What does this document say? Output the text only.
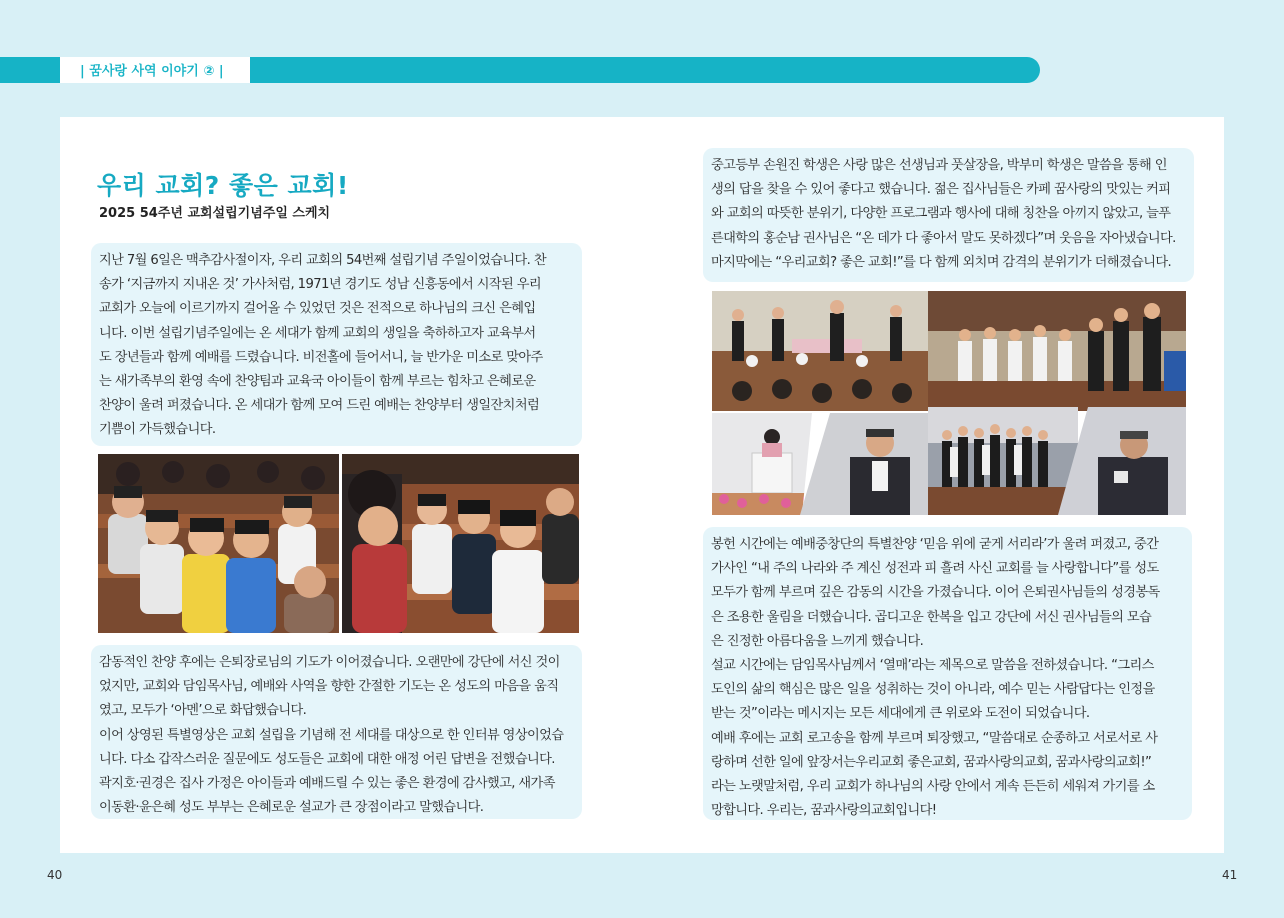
| 꿈사랑 사역 이야기 ② |
우리 교회? 좋은 교회!
2025 54주년 교회설립기념주일 스케치

지난 7월 6일은 맥추감사절이자, 우리 교회의 54번째 설립기념 주일이었습니다. 찬

송가 ‘지금까지 지내온 것’ 가사처럼, 1971년 경기도 성남 신흥동에서 시작된 우리

교회가 오늘에 이르기까지 걸어올 수 있었던 것은 전적으로 하나님의 크신 은혜입

니다. 이번 설립기념주일에는 온 세대가 함께 교회의 생일을 축하하고자 교육부서

도 장년들과 함께 예배를 드렸습니다. 비전홀에 들어서니, 늘 반가운 미소로 맞아주

는 새가족부의 환영 속에 찬양팀과 교육국 아이들이 함께 부르는 힘차고 은혜로운

찬양이 울려 퍼졌습니다. 온 세대가 함께 모여 드린 예배는 찬양부터 생일잔치처럼

기쁨이 가득했습니다.

감동적인 찬양 후에는 은퇴장로님의 기도가 이어졌습니다. 오랜만에 강단에 서신 것이

었지만, 교회와 담임목사님, 예배와 사역을 향한 간절한 기도는 온 성도의 마음을 움직

였고, 모두가 ‘아멘’으로 화답했습니다.

이어 상영된 특별영상은 교회 설립을 기념해 전 세대를 대상으로 한 인터뷰 영상이었습

니다. 다소 갑작스러운 질문에도 성도들은 교회에 대한 애정 어린 답변을 전했습니다.

곽지호·권경은 집사 가정은 아이들과 예배드릴 수 있는 좋은 환경에 감사했고, 새가족

이동환·윤은혜 성도 부부는 은혜로운 설교가 큰 장점이라고 말했습니다.

중고등부 손원진 학생은 사랑 많은 선생님과 풋살장을, 박부미 학생은 말씀을 통해 인

생의 답을 찾을 수 있어 좋다고 했습니다. 젊은 집사님들은 카페 꿈사랑의 맛있는 커피

와 교회의 따뜻한 분위기, 다양한 프로그램과 행사에 대해 칭찬을 아끼지 않았고, 늘푸

른대학의 홍순남 권사님은 “온 데가 다 좋아서 말도 못하겠다”며 웃음을 자아냈습니다.

마지막에는 “우리교회? 좋은 교회!”를 다 함께 외치며 감격의 분위기가 더해졌습니다.

봉헌 시간에는 예배중창단의 특별찬양 ‘믿음 위에 굳게 서리라’가 울려 퍼졌고, 중간

가사인 “내 주의 나라와 주 계신 성전과 피 흘려 사신 교회를 늘 사랑합니다”를 성도

모두가 함께 부르며 깊은 감동의 시간을 가졌습니다. 이어 은퇴권사님들의 성경봉독

은 조용한 울림을 더했습니다. 곱디고운 한복을 입고 강단에 서신 권사님들의 모습

은 진정한 아름다움을 느끼게 했습니다.

설교 시간에는 담임목사님께서 ‘열매’라는 제목으로 말씀을 전하셨습니다. “그리스

도인의 삶의 핵심은 많은 일을 성취하는 것이 아니라, 예수 믿는 사람답다는 인정을

받는 것”이라는 메시지는 모든 세대에게 큰 위로와 도전이 되었습니다.

예배 후에는 교회 로고송을 함께 부르며 퇴장했고, “말씀대로 순종하고 서로서로 사

랑하며 선한 일에 앞장서는우리교회 좋은교회, 꿈과사랑의교회, 꿈과사랑의교회!”

라는 노랫말처럼, 우리 교회가 하나님의 사랑 안에서 계속 든든히 세워져 가기를 소

망합니다. 우리는, 꿈과사랑의교회입니다!

40	41
